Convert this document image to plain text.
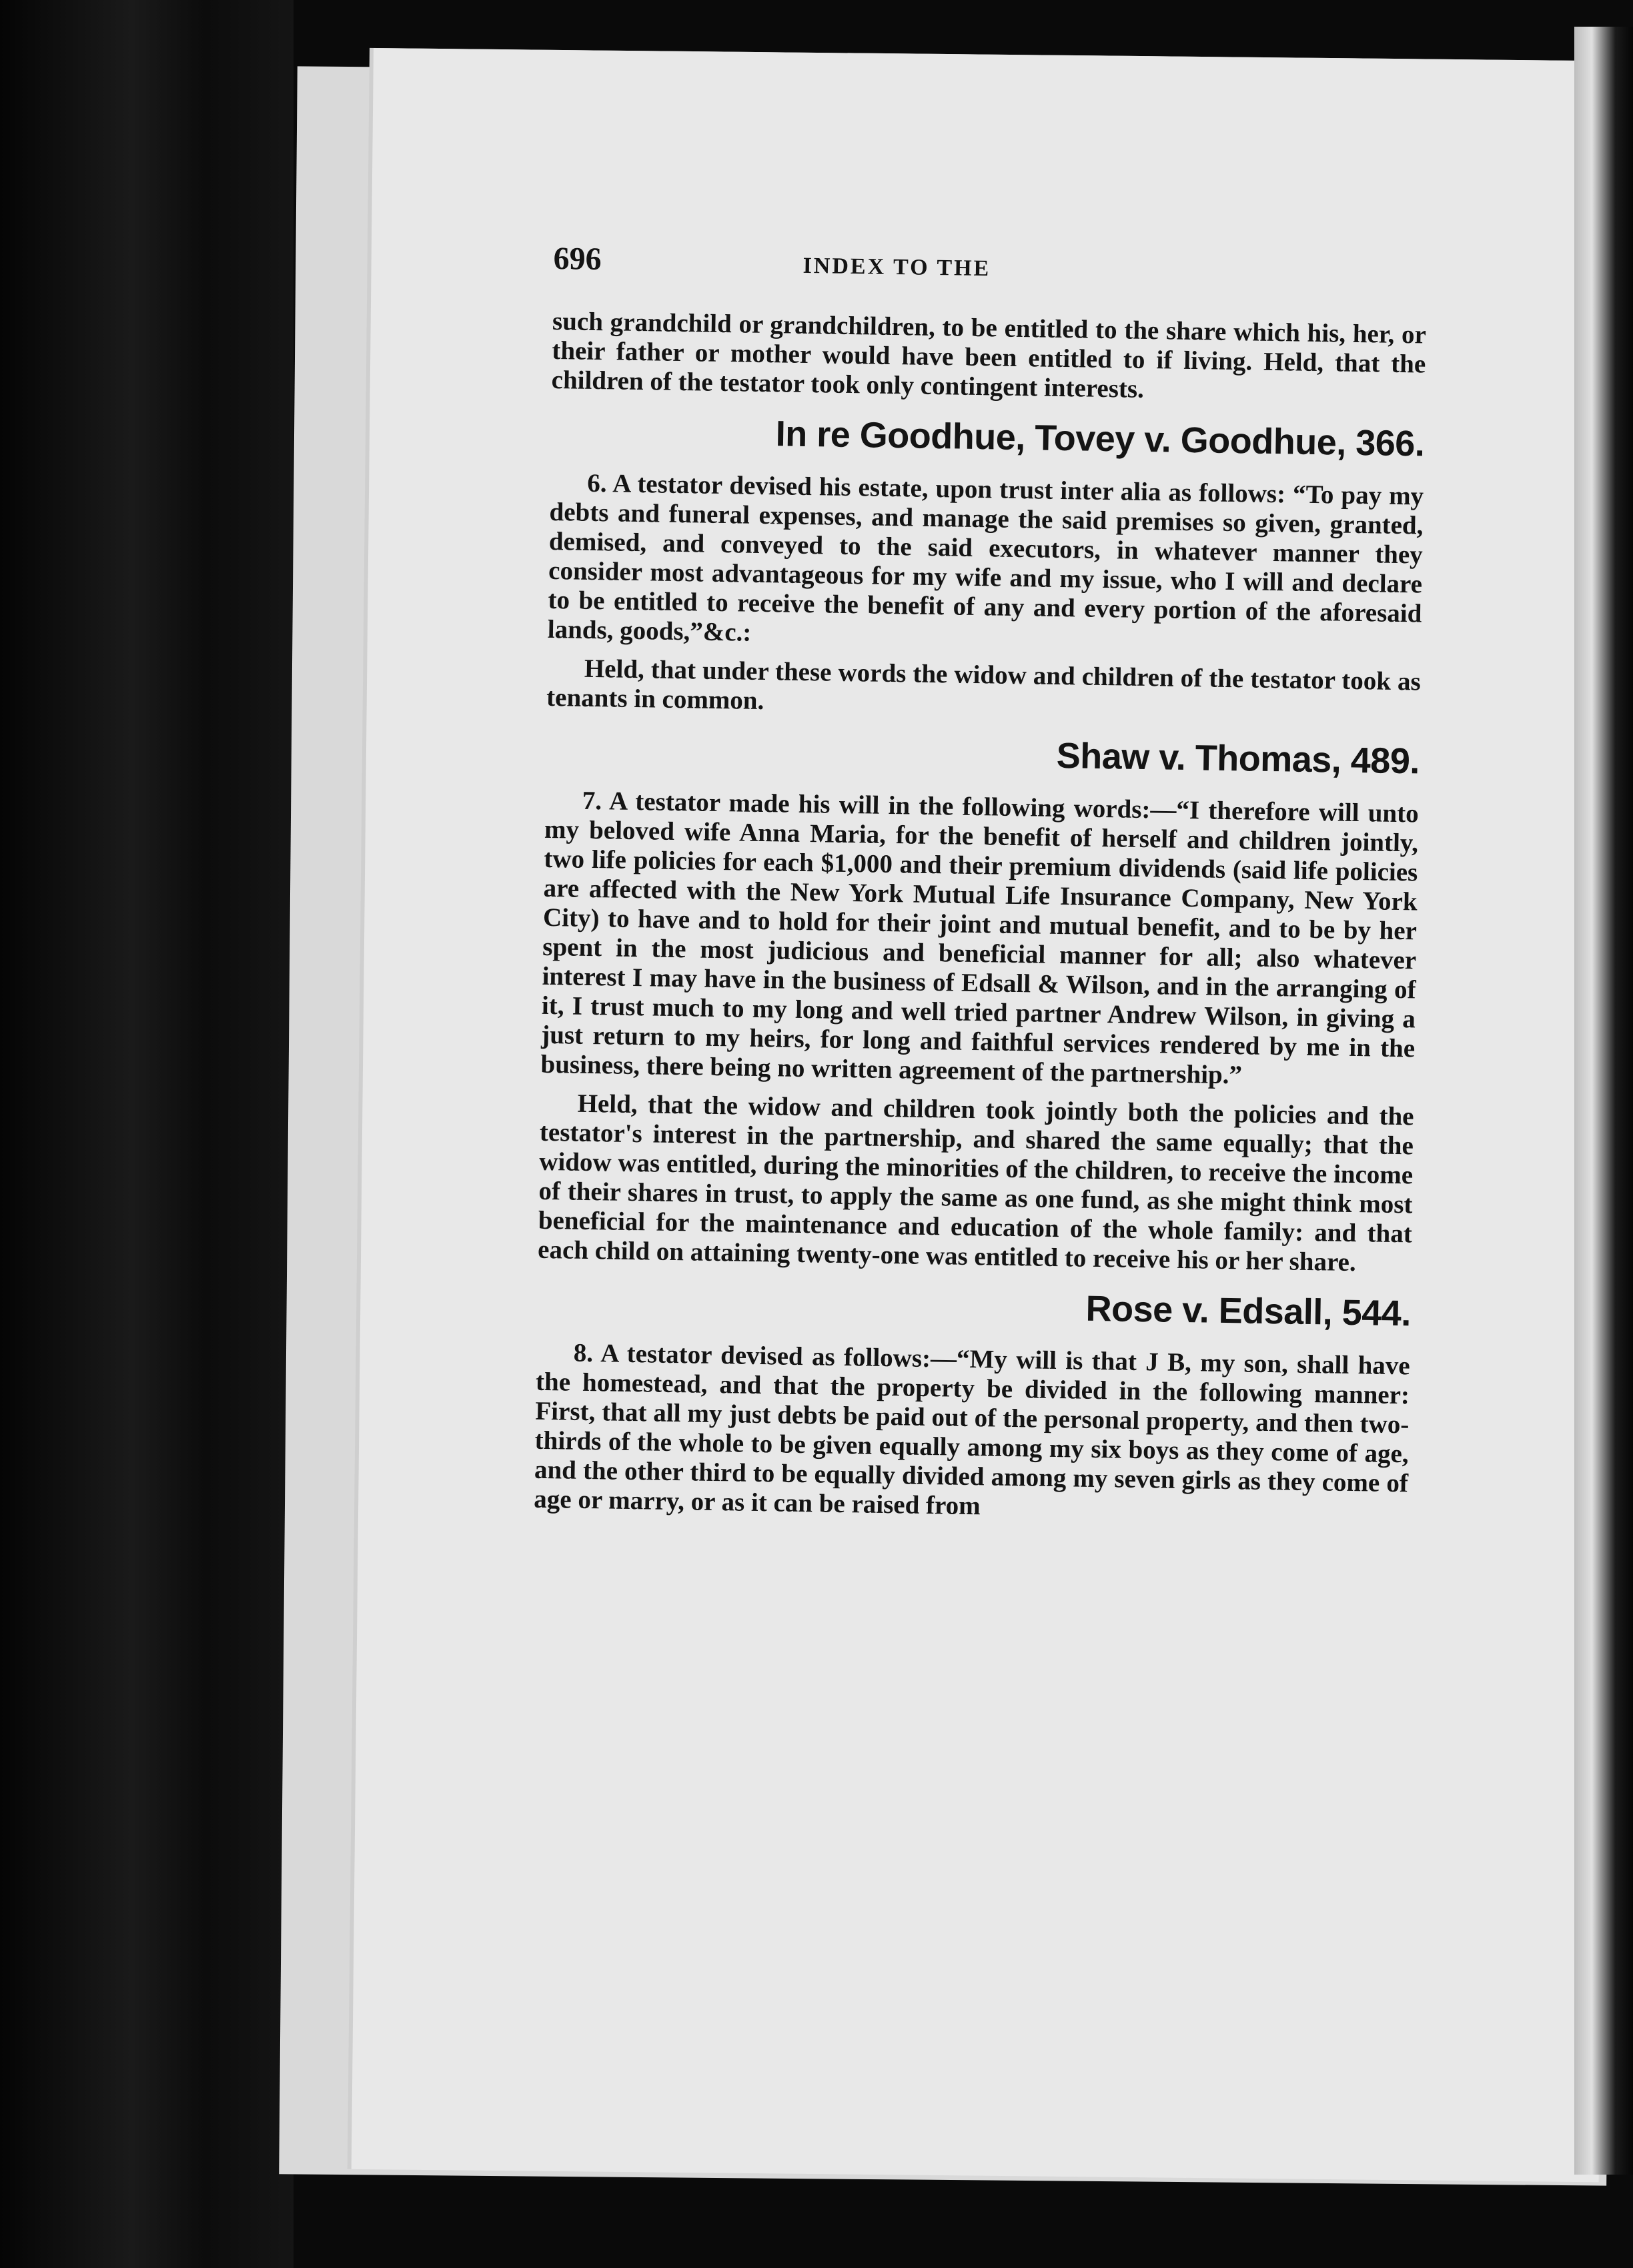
696	INDEX TO THE

such grandchild or grandchildren, to be entitled to the share which his, her, or their father or mother would have been entitled to if living. Held, that the children of the testator took only contingent interests.

In re Goodhue, Tovey v. Goodhue, 366.

6. A testator devised his estate, upon trust inter alia as follows: “To pay my debts and funeral expenses, and manage the said premises so given, granted, demised, and conveyed to the said executors, in whatever manner they consider most advantageous for my wife and my issue, who I will and declare to be entitled to receive the benefit of any and every portion of the aforesaid lands, goods,”&c.:

Held, that under these words the widow and children of the testator took as tenants in common.

Shaw v. Thomas, 489.

7. A testator made his will in the following words:—“I therefore will unto my beloved wife Anna Maria, for the benefit of herself and children jointly, two life policies for each $1,000 and their premium dividends (said life policies are affected with the New York Mutual Life Insurance Company, New York City) to have and to hold for their joint and mutual benefit, and to be by her spent in the most judicious and beneficial manner for all; also whatever interest I may have in the business of Edsall & Wilson, and in the arranging of it, I trust much to my long and well tried partner Andrew Wilson, in giving a just return to my heirs, for long and faithful services rendered by me in the business, there being no written agreement of the partnership.”

Held, that the widow and children took jointly both the policies and the testator's interest in the partnership, and shared the same equally; that the widow was entitled, during the minorities of the children, to receive the income of their shares in trust, to apply the same as one fund, as she might think most beneficial for the maintenance and education of the whole family: and that each child on attaining twenty-one was entitled to receive his or her share.

Rose v. Edsall, 544.

8. A testator devised as follows:—“My will is that J B, my son, shall have the homestead, and that the property be divided in the following manner: First, that all my just debts be paid out of the personal property, and then two-thirds of the whole to be given equally among my six boys as they come of age, and the other third to be equally divided among my seven girls as they come of age or marry, or as it can be raised from
